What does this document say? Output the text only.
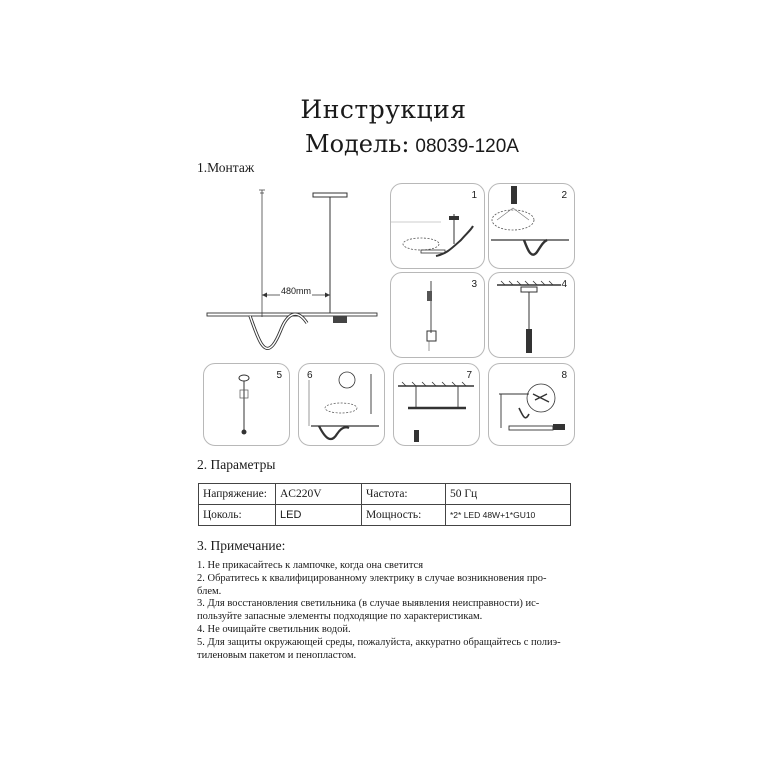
Инструкция
Модель: 08039-120A
1.Монтаж
480mm
1	2
3	4
5	6	7	8
2. Параметры
Напряжение:	AC220V	Частота:	50 Гц
Цоколь:	LED	Мощность:	*2* LED 48W+1*GU10
3. Примечание:
1. Не прикасайтесь к лампочке, когда она светится
2. Обратитесь к квалифицированному электрику в случае возникновения про-
блем.
3. Для восстановления светильника (в случае выявления неисправности) ис-
пользуйте запасные элементы подходящие по характеристикам.
4. Не очищайте светильник водой.
5. Для защиты окружающей среды, пожалуйста, аккуратно обращайтесь с полиэ-
тиленовым пакетом и пенопластом.
